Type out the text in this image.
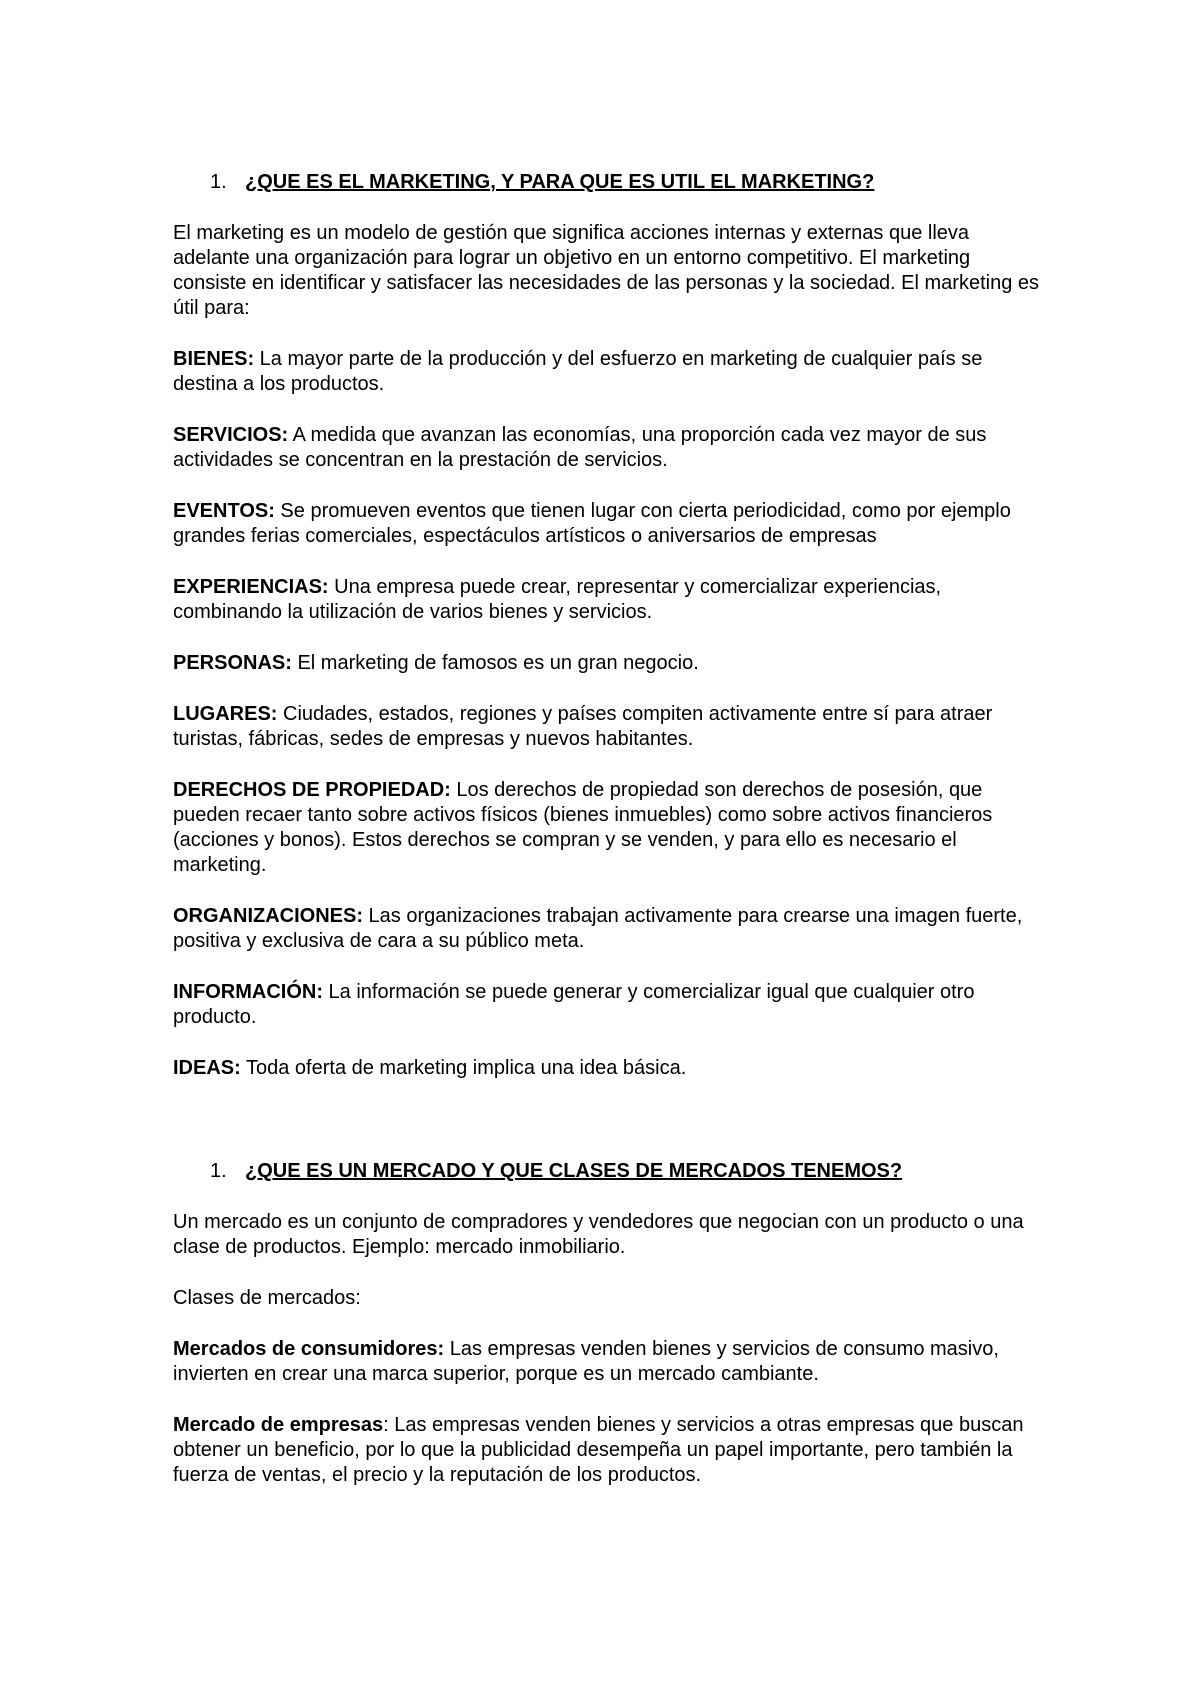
1. ¿QUE ES EL MARKETING, Y PARA QUE ES UTIL EL MARKETING?

El marketing es un modelo de gestión que significa acciones internas y externas que lleva adelante una organización para lograr un objetivo en un entorno competitivo. El marketing consiste en identificar y satisfacer las necesidades de las personas y la sociedad. El marketing es útil para:

BIENES: La mayor parte de la producción y del esfuerzo en marketing de cualquier país se destina a los productos.

SERVICIOS: A medida que avanzan las economías, una proporción cada vez mayor de sus actividades se concentran en la prestación de servicios.

EVENTOS: Se promueven eventos que tienen lugar con cierta periodicidad, como por ejemplo grandes ferias comerciales, espectáculos artísticos o aniversarios de empresas

EXPERIENCIAS: Una empresa puede crear, representar y comercializar experiencias, combinando la utilización de varios bienes y servicios.

PERSONAS: El marketing de famosos es un gran negocio.

LUGARES: Ciudades, estados, regiones y países compiten activamente entre sí para atraer turistas, fábricas, sedes de empresas y nuevos habitantes.

DERECHOS DE PROPIEDAD: Los derechos de propiedad son derechos de posesión, que pueden recaer tanto sobre activos físicos (bienes inmuebles) como sobre activos financieros (acciones y bonos). Estos derechos se compran y se venden, y para ello es necesario el marketing.

ORGANIZACIONES: Las organizaciones trabajan activamente para crearse una imagen fuerte, positiva y exclusiva de cara a su público meta.

INFORMACIÓN: La información se puede generar y comercializar igual que cualquier otro producto.

IDEAS: Toda oferta de marketing implica una idea básica.

1. ¿QUE ES UN MERCADO Y QUE CLASES DE MERCADOS TENEMOS?

Un mercado es un conjunto de compradores y vendedores que negocian con un producto o una clase de productos. Ejemplo: mercado inmobiliario.

Clases de mercados:

Mercados de consumidores: Las empresas venden bienes y servicios de consumo masivo, invierten en crear una marca superior, porque es un mercado cambiante.

Mercado de empresas: Las empresas venden bienes y servicios a otras empresas que buscan obtener un beneficio, por lo que la publicidad desempeña un papel importante, pero también la fuerza de ventas, el precio y la reputación de los productos.
